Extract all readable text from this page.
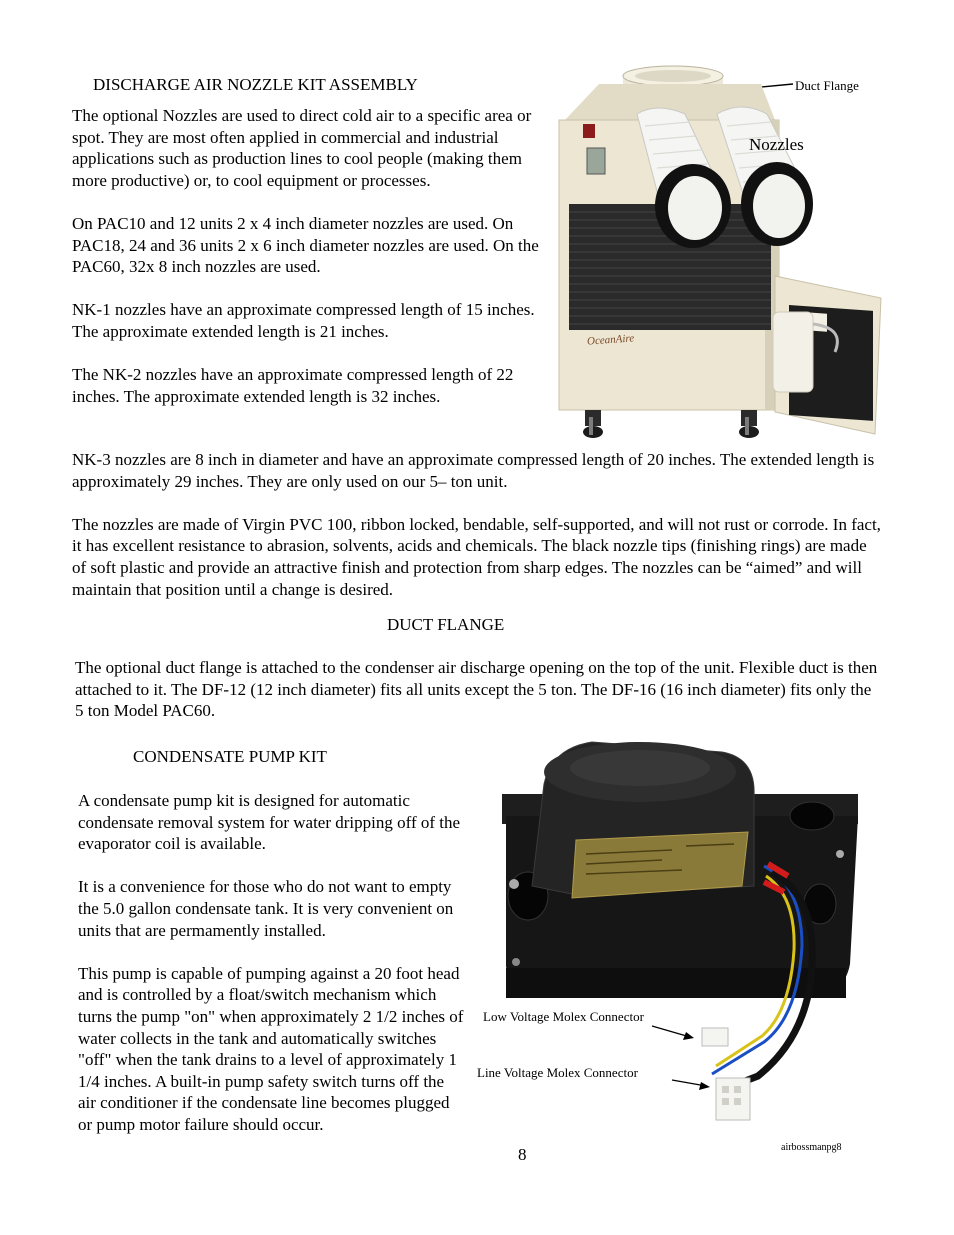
DISCHARGE AIR NOZZLE KIT ASSEMBLY

The optional Nozzles are used to direct cold air to a specific area or spot. They are most often applied in commercial and industrial applications such as production lines to cool people (making them more productive) or, to cool equipment or processes.

On PAC10 and 12 units 2 x 4 inch diameter nozzles are used. On PAC18, 24 and 36 units 2 x 6 inch diameter nozzles are used. On the PAC60, 32x 8 inch nozzles are used.

NK-1 nozzles have an approximate compressed length of 15 inches. The approximate extended length is 21 inches.

The NK-2 nozzles have an approximate compressed length of 22 inches. The approximate extended length is 32 inches.

Duct Flange
Nozzles
OceanAire

NK-3 nozzles are 8 inch in diameter and have an approximate compressed length of 20 inches. The extended length is approximately 29 inches. They are only used on our 5– ton unit.

The nozzles are made of Virgin PVC 100, ribbon locked, bendable, self-supported, and will not rust or corrode. In fact, it has excellent resistance to abrasion, solvents, acids and chemicals. The black nozzle tips (finishing rings) are made of soft plastic and provide an attractive finish and protection from sharp edges. The nozzles can be “aimed” and will maintain that position until a change is desired.

DUCT FLANGE

The optional duct flange is attached to the condenser air discharge opening on the top of the unit. Flexible duct is then attached to it. The DF-12 (12 inch diameter) fits all units except the 5 ton. The DF-16 (16 inch diameter) fits only the 5 ton Model PAC60.

CONDENSATE PUMP KIT

A condensate pump kit is designed for automatic condensate removal system for water dripping off of the evaporator coil is available.

It is a convenience for those who do not want to empty the 5.0 gallon condensate tank. It is very convenient on units that are permamently installed.

This pump is capable of pumping against a 20 foot head and is controlled by a float/switch mechanism which turns the pump "on" when approximately 2 1/2 inches of water collects in the tank and automatically switches "off" when the tank drains to a level of approximately 1 1/4 inches. A built-in pump safety switch turns off the air conditioner if the condensate line becomes plugged or pump motor failure should occur.

Low Voltage Molex Connector
Line Voltage Molex Connector
8	airbossmanpg8
